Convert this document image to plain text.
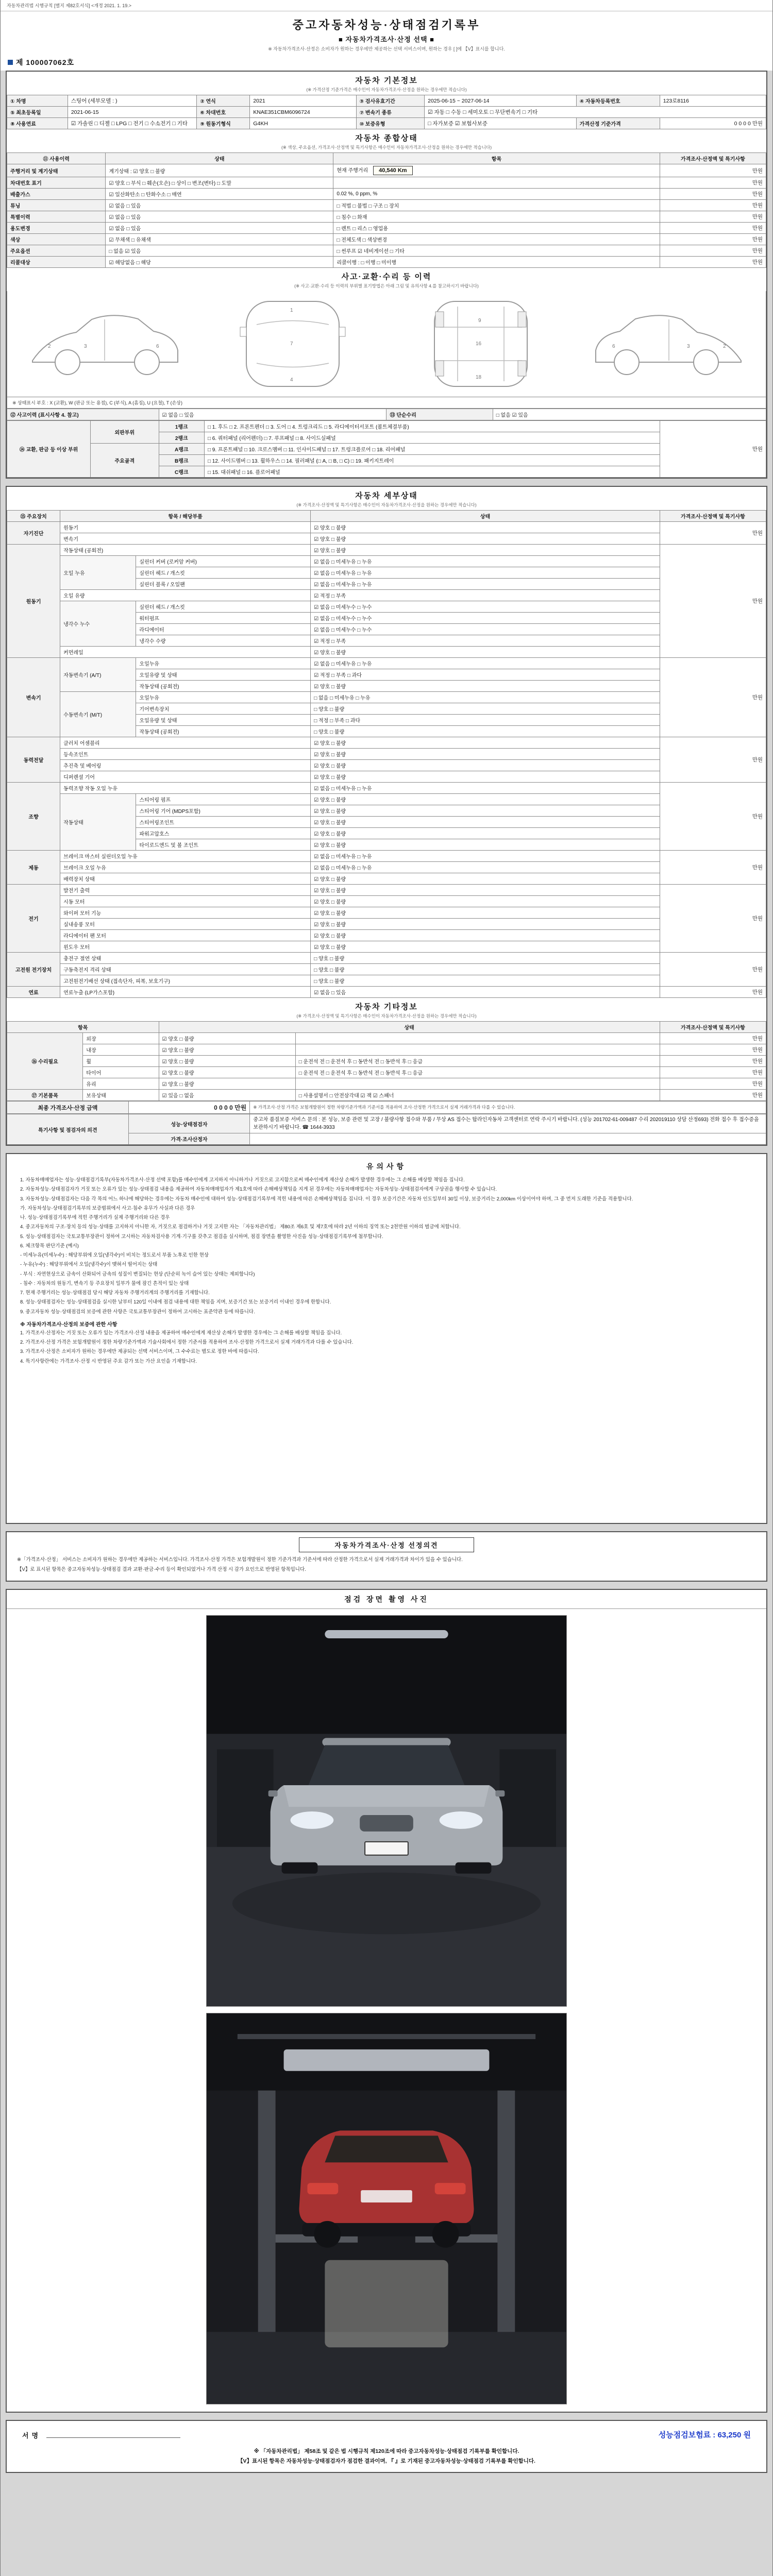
자동차관리법 시행규칙 [별지 제82호서식] <개정 2021. 1. 19.>
중고자동차성능·상태점검기록부
■ 자동차가격조사·산정 선택 ■
※ 자동차가격조사·산정은 소비자가 원하는 경우에만 제공하는 선택 서비스이며, 원하는 경우 [ ]에 【V】표시를 합니다.
제 100007062호
자동차 기본정보
(※ 가격산정 기준가격은 매수인이 자동차가격조사·산정을 원하는 경우에만 적습니다)
① 차명	스팅어 (세부모델 : )	② 연식	2021	③ 검사유효기간	2025-06-15 ~ 2027-06-14	④ 자동차등록번호	123로8116
⑤ 최초등록일	2021-06-15	⑥ 차대번호	KNAE351CBM6096724	⑦ 변속기 종류	☑ 자동 □ 수동 □ 세미오토 □ 무단변속기 □ 기타		
⑧ 사용연료	☑ 가솔린 □ 디젤 □ LPG □ 전기 □ 수소전기 □ 기타	⑨ 원동기형식	G4KH	⑩ 보증유형	□ 자가보증 ☑ 보험사보증	가격산정 기준가격	0 0 0 0 만원
자동차 종합상태
(※ 색상, 주요옵션, 가격조사·산정액 및 특기사항은 매수인이 자동차가격조사·산정을 원하는 경우에만 적습니다)
⑪ 사용이력	상태	항목	가격조사·산정액 및 특기사항
주행거리 및 계기상태	계기상태 : ☑ 양호 □ 불량	현재 주행거리 40,540 Km	만원
차대번호 표기	☑ 양호 □ 부식 □ 훼손(오손) □ 상이 □ 변조(변타) □ 도말		만원
배출가스	☑ 일산화탄소 □ 탄화수소 □ 매연	0.02 %, 0 ppm, %	만원
튜닝	☑ 없음 □ 있음	□ 적법 □ 불법 □ 구조 □ 장치	만원
특별이력	☑ 없음 □ 있음	□ 침수 □ 화재	만원
용도변경	☑ 없음 □ 있음	□ 렌트 □ 리스 □ 영업용	만원
색상	☑ 무채색 □ 유채색	□ 전체도색 □ 색상변경	만원
주요옵션	□ 없음 ☑ 있음	□ 썬루프 ☑ 네비게이션 □ 기타	만원
리콜대상	☑ 해당없음 □ 해당	리콜이행 : □ 이행 □ 미이행	만원
사고·교환·수리 등 이력
(※ 사고·교환·수리 등 이력의 부위별 표기방법은 아래 그림 및 유의사항 4.를 참고하시기 바랍니다)
3
2	6
1
7
4
9
16
18
3	2
6
※ 상태표시 부호 : X (교환), W (판금 또는 용접), C (부식), A (흠집), U (요철), T (손상)
⑫ 사고이력 (표시사항 4. 참고)	☑ 없음 □ 있음	⑬ 단순수리	□ 없음 ☑ 있음
⑭ 교환, 판금 등 이상 부위	외판부위	1랭크	□ 1. 후드 □ 2. 프론트펜더 □ 3. 도어 □ 4. 트렁크리드 □ 5. 라디에이터서포트 (볼트체결부품)	만원
		2랭크	□ 6. 쿼터패널 (리어펜더) □ 7. 루프패널 □ 8. 사이드실패널	
	주요골격	A랭크	□ 9. 프론트패널 □ 10. 크로스멤버 □ 11. 인사이드패널 □ 17. 트렁크플로어 □ 18. 리어패널	
		B랭크	□ 12. 사이드멤버 □ 13. 휠하우스 □ 14. 필러패널 (□ A, □ B, □ C) □ 19. 패키지트레이	
		C랭크	□ 15. 대쉬패널 □ 16. 플로어패널	
자동차 세부상태
(※ 가격조사·산정액 및 특기사항은 매수인이 자동차가격조사·산정을 원하는 경우에만 적습니다)
⑮ 주요장치	항목 / 해당부품		상태	가격조사·산정액 및 특기사항
자기진단	원동기		☑ 양호 □ 불량	만원
	변속기		☑ 양호 □ 불량	
원동기	작동상태 (공회전)		☑ 양호 □ 불량	만원
	오일 누유	실린더 커버 (로커암 커버)	☑ 없음 □ 미세누유 □ 누유	
		실린더 헤드 / 개스킷	☑ 없음 □ 미세누유 □ 누유	
		실린더 블록 / 오일팬	☑ 없음 □ 미세누유 □ 누유	
	오일 유량		☑ 적정 □ 부족	
	냉각수 누수	실린더 헤드 / 개스킷	☑ 없음 □ 미세누수 □ 누수	
		워터펌프	☑ 없음 □ 미세누수 □ 누수	
		라디에이터	☑ 없음 □ 미세누수 □ 누수	
		냉각수 수량	☑ 적정 □ 부족	
	커먼레일		☑ 양호 □ 불량	
변속기	자동변속기 (A/T)	오일누유	☑ 없음 □ 미세누유 □ 누유	만원
		오일유량 및 상태	☑ 적정 □ 부족 □ 과다	
		작동상태 (공회전)	☑ 양호 □ 불량	
	수동변속기 (M/T)	오일누유	□ 없음 □ 미세누유 □ 누유	
		기어변속장치	□ 양호 □ 불량	
		오일유량 및 상태	□ 적정 □ 부족 □ 과다	
		작동상태 (공회전)	□ 양호 □ 불량	
동력전달	클러치 어셈블리		☑ 양호 □ 불량	만원
	등속조인트		☑ 양호 □ 불량	
	추진축 및 베어링		☑ 양호 □ 불량	
	디퍼렌셜 기어		☑ 양호 □ 불량	
조향	동력조향 작동 오일 누유		☑ 없음 □ 미세누유 □ 누유	만원
	작동상태	스티어링 펌프	☑ 양호 □ 불량	
		스티어링 기어 (MDPS포함)	☑ 양호 □ 불량	
		스티어링조인트	☑ 양호 □ 불량	
		파워고압호스	☑ 양호 □ 불량	
		타이로드엔드 및 볼 조인트	☑ 양호 □ 불량	
제동	브레이크 마스터 실린더오일 누유		☑ 없음 □ 미세누유 □ 누유	만원
	브레이크 오일 누유		☑ 없음 □ 미세누유 □ 누유	
	배력장치 상태		☑ 양호 □ 불량	
전기	발전기 출력		☑ 양호 □ 불량	만원
	시동 모터		☑ 양호 □ 불량	
	와이퍼 모터 기능		☑ 양호 □ 불량	
	실내송풍 모터		☑ 양호 □ 불량	
	라디에이터 팬 모터		☑ 양호 □ 불량	
	윈도우 모터		☑ 양호 □ 불량	
고전원 전기장치	충전구 절연 상태		□ 양호 □ 불량	만원
	구동축전지 격리 상태		□ 양호 □ 불량	
	고전원전기배선 상태 (접속단자, 피복, 보호기구)		□ 양호 □ 불량	
연료	연료누출 (LP가스포함)		☑ 없음 □ 있음	만원
자동차 기타정보
(※ 가격조사·산정액 및 특기사항은 매수인이 자동차가격조사·산정을 원하는 경우에만 적습니다)
항목		상태		가격조사·산정액 및 특기사항
⑯ 수리필요	외장	☑ 양호 □ 불량		만원
	내장	☑ 양호 □ 불량		만원
	휠	☑ 양호 □ 불량	□ 운전석 전 □ 운전석 후 □ 동반석 전 □ 동반석 후 □ 응급	만원
	타이어	☑ 양호 □ 불량	□ 운전석 전 □ 운전석 후 □ 동반석 전 □ 동반석 후 □ 응급	만원
	유리	☑ 양호 □ 불량		만원
⑰ 기본품목	보유상태	☑ 있음 □ 없음	□ 사용설명서 □ 안전삼각대 ☑ 잭 ☑ 스패너	만원
최종 가격조사·산정 금액	0 0 0 0 만원	※ 가격조사·산정 가격은 보험개발원이 정한 차량기준가액과 기준서를 적용하여 조사·산정한 가격으로서 실제 거래가격과 다를 수 있습니다.
특기사항 및 점검자의 의견	성능·상태점검자	중고차 품질보증 서비스 문의 : 본 성능, 보증 관련 및 고장 / 불량사항 접수와 부품 / 무상 AS 접수는 탑라인자동차 고객센터로 연락 주시기 바랍니다. (성능 201702-61-009487 수리 202019110 상담 산정693) 전화 접수 후 접수증을 보관하시기 바랍니다. ☎ 1644-3933
	가격·조사산정자	
유의사항

1. 자동차매매업자는 성능·상태점검기록부(자동차가격조사·산정 선택 포함)를 매수인에게 고지하지 아니하거나 거짓으로 고지함으로써 매수인에게 재산상 손해가 발생한 경우에는 그 손해를 배상할 책임을 집니다.

2. 자동차성능·상태점검자가 거짓 또는 오류가 있는 성능·상태점검 내용을 제공하여 자동차매매업자가 제1호에 따라 손해배상책임을 지게 된 경우에는 자동차매매업자는 자동차성능·상태점검자에게 구상권을 행사할 수 있습니다.

3. 자동차성능·상태점검자는 다음 각 목의 어느 하나에 해당하는 경우에는 자동차 매수인에 대하여 성능·상태점검기록부에 적힌 내용에 따른 손해배상책임을 집니다. 이 경우 보증기간은 자동차 인도일부터 30일 이상, 보증거리는 2,000km 이상이어야 하며, 그 중 먼저 도래한 기준을 적용합니다.

가. 자동차성능·상태점검기록부의 보증범위에서 사고·침수 유무가 사실과 다른 경우

나. 성능·상태점검기록부에 적힌 주행거리가 실제 주행거리와 다른 경우

4. 중고자동차의 구조·장치 등의 성능·상태를 고지하지 아니한 자, 거짓으로 점검하거나 거짓 고지한 자는 「자동차관리법」 제80조 제6호 및 제7호에 따라 2년 이하의 징역 또는 2천만원 이하의 벌금에 처합니다.

5. 성능·상태점검자는 국토교통부장관이 정하여 고시하는 자동차검사용 기계·기구를 갖추고 점검을 실시하며, 점검 장면을 촬영한 사진을 성능·상태점검기록부에 첨부합니다.

6. 체크항목 판단기준 (예시)

- 미세누유(미세누수) : 해당부위에 오일(냉각수)이 비치는 정도로서 부품 노후로 인한 현상

- 누유(누수) : 해당부위에서 오일(냉각수)이 맺혀서 떨어지는 상태

- 부식 : 자연현상으로 금속이 산화되어 금속의 성질이 변질되는 현상 (단순히 녹이 슬어 있는 상태는 제외합니다)

- 침수 : 자동차의 원동기, 변속기 등 주요장치 일부가 물에 잠긴 흔적이 있는 상태

7. 현재 주행거리는 성능·상태점검 당시 해당 자동차 주행거리계의 주행거리를 기재합니다.

8. 성능·상태점검자는 성능·상태점검을 실시한 날부터 120일 이내에 점검 내용에 대한 책임을 지며, 보증기간 또는 보증거리 이내인 경우에 한합니다.

9. 중고자동차 성능·상태점검의 보증에 관한 사항은 국토교통부장관이 정하여 고시하는 표준약관 등에 따릅니다.

※ 자동차가격조사·산정의 보증에 관한 사항

1. 가격조사·산정자는 거짓 또는 오류가 있는 가격조사·산정 내용을 제공하여 매수인에게 재산상 손해가 발생한 경우에는 그 손해를 배상할 책임을 집니다.

2. 가격조사·산정 가격은 보험개발원이 정한 차량기준가액과 기술사회에서 정한 기준서를 적용하여 조사·산정한 가격으로서 실제 거래가격과 다를 수 있습니다.

3. 가격조사·산정은 소비자가 원하는 경우에만 제공되는 선택 서비스이며, 그 수수료는 별도로 정한 바에 따릅니다.

4. 특기사항란에는 가격조사·산정 시 반영된 주요 감가 또는 가산 요인을 기재합니다.

자동차가격조사·산정 선정의견

※「가격조사·산정」 서비스는 소비자가 원하는 경우에만 제공하는 서비스입니다. 가격조사·산정 가격은 보험개발원이 정한 기준가격과 기준서에 따라 산정한 가격으로서 실제 거래가격과 차이가 있을 수 있습니다.

【V】로 표시된 항목은 중고자동차성능·상태점검 결과 교환·판금·수리 등이 확인되었거나 가격 산정 시 감가 요인으로 반영된 항목입니다.

점검 장면 촬영 사진
서명	성능점검보험료 : 63,250 원
※ 「자동차관리법」 제58조 및 같은 법 시행규칙 제120조에 따라 중고자동차성능·상태점검 기록부를 확인합니다.
【V】표시된 항목은 자동차성능·상태점검자가 점검한 결과이며, 『 』로 기재된 중고자동차성능·상태점검 기록부를 확인합니다.
